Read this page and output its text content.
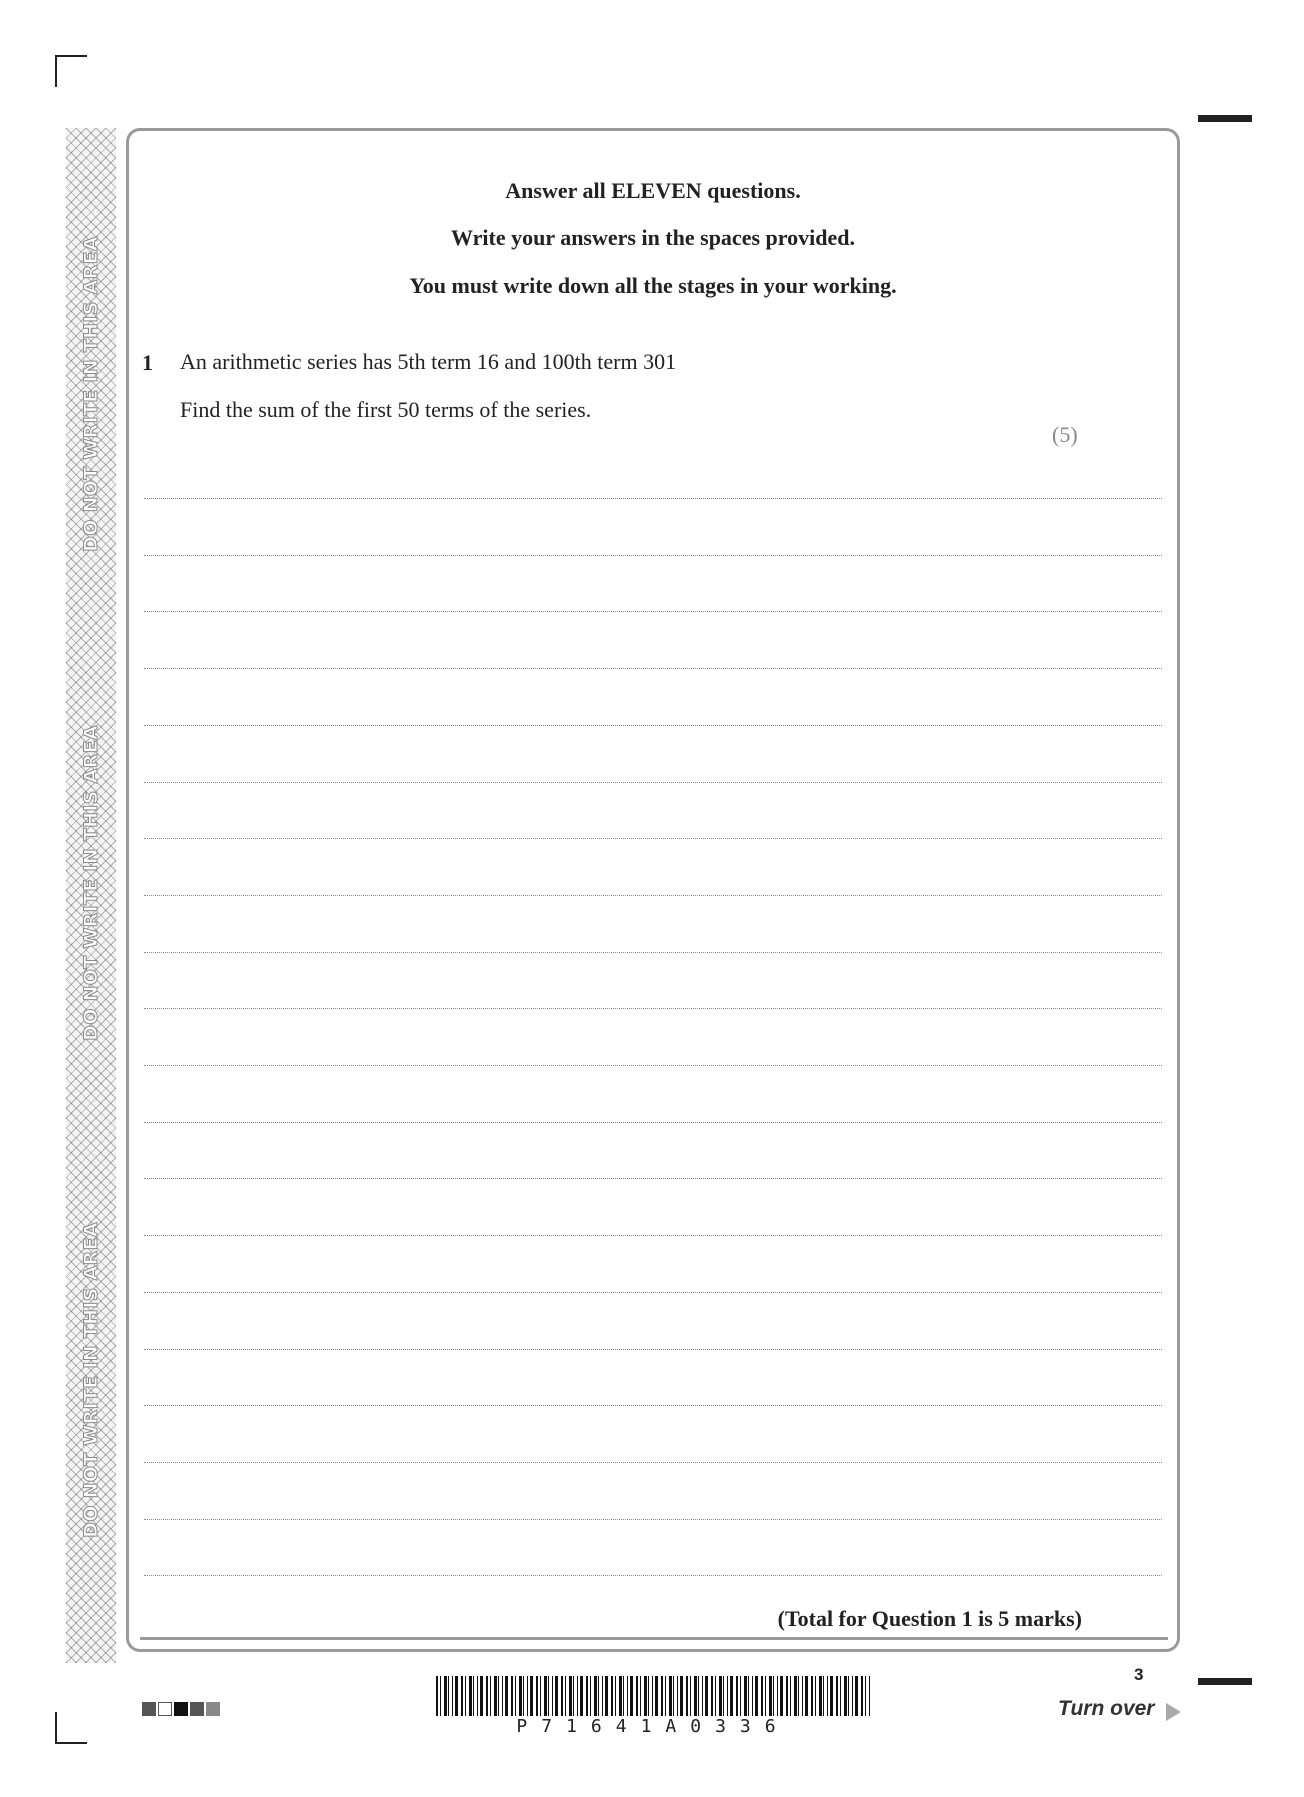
DO NOT WRITE IN THIS AREA
DO NOT WRITE IN THIS AREA
DO NOT WRITE IN THIS AREA
Answer all ELEVEN questions.
Write your answers in the spaces provided.
You must write down all the stages in your working.
1 An arithmetic series has 5th term 16 and 100th term 301
Find the sum of the first 50 terms of the series.
(5)
(Total for Question 1 is 5 marks)
P71641A0336
3
Turn over
